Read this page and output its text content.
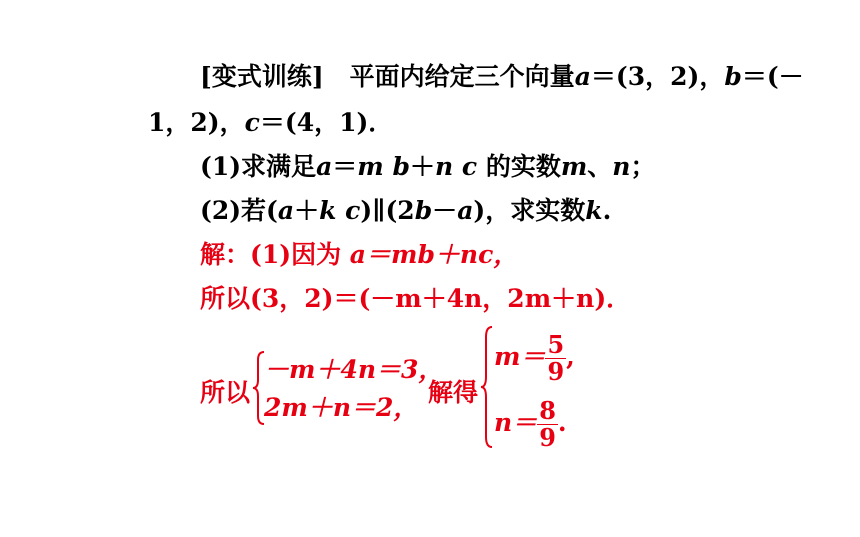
[变式训练] 平面内给定三个向量a＝(3，2)，b＝(－
1，2)，c＝(4，1)．
(1)求满足a＝m b＋n c 的实数m、n；
(2)若(a＋k c)∥(2b－a)，求实数k.
解：(1)因为 a＝mb＋nc，
所以(3，2)＝(－m＋4n，2m＋n)．
所以
－m＋4n＝3，
2m＋n＝2，
解得
$m= \frac{5}{9}$ ,
$n= \frac{8}{9}$ .
